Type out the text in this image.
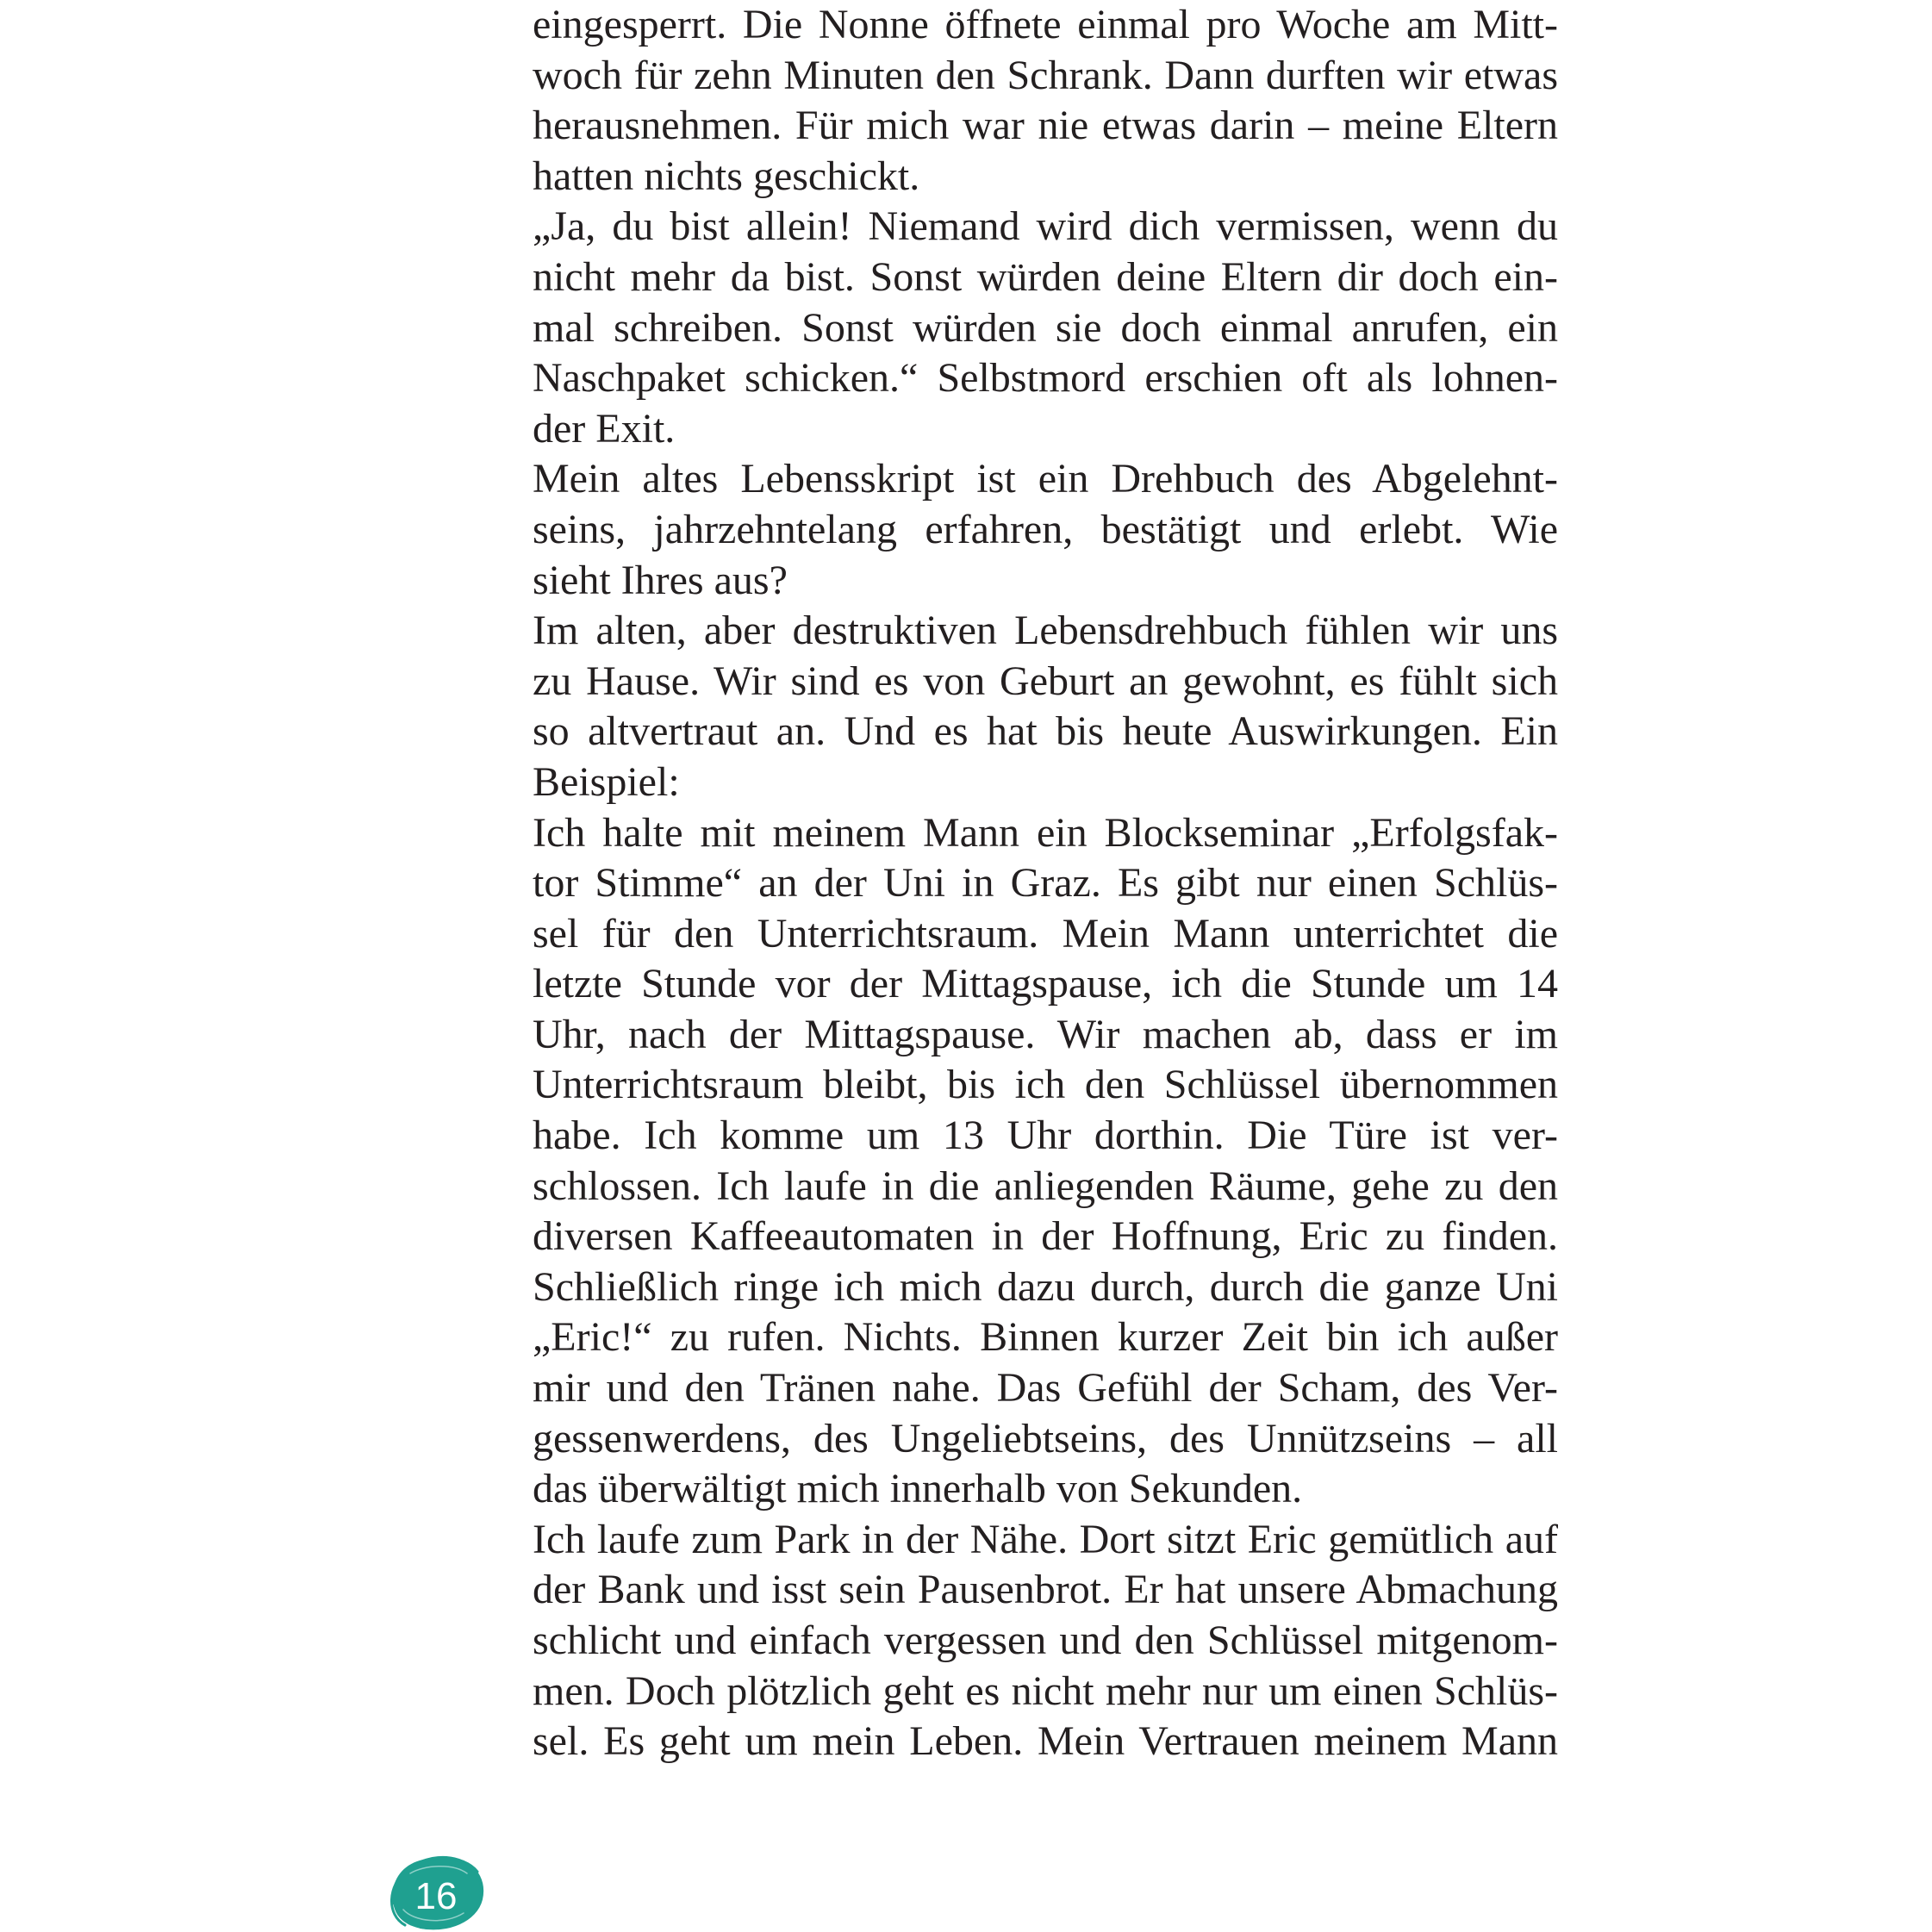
eingesperrt. Die Nonne öffnete einmal pro Woche am Mitt-
woch für zehn Minuten den Schrank. Dann durften wir etwas
herausnehmen. Für mich war nie etwas darin – meine Eltern
hatten nichts geschickt.
„Ja, du bist allein! Niemand wird dich vermissen, wenn du
nicht mehr da bist. Sonst würden deine Eltern dir doch ein-
mal schreiben. Sonst würden sie doch einmal anrufen, ein
Naschpaket schicken.“ Selbstmord erschien oft als lohnen-
der Exit.
Mein altes Lebensskript ist ein Drehbuch des Abgelehnt-
seins, jahrzehntelang erfahren, bestätigt und erlebt. Wie
sieht Ihres aus?
Im alten, aber destruktiven Lebensdrehbuch fühlen wir uns
zu Hause. Wir sind es von Geburt an gewohnt, es fühlt sich
so altvertraut an. Und es hat bis heute Auswirkungen. Ein
Beispiel:
Ich halte mit meinem Mann ein Blockseminar „Erfolgsfak-
tor Stimme“ an der Uni in Graz. Es gibt nur einen Schlüs-
sel für den Unterrichtsraum. Mein Mann unterrichtet die
letzte Stunde vor der Mittagspause, ich die Stunde um 14
Uhr, nach der Mittagspause. Wir machen ab, dass er im
Unterrichtsraum bleibt, bis ich den Schlüssel übernommen
habe. Ich komme um 13 Uhr dorthin. Die Türe ist ver-
schlossen. Ich laufe in die anliegenden Räume, gehe zu den
diversen Kaffeeautomaten in der Hoffnung, Eric zu finden.
Schließlich ringe ich mich dazu durch, durch die ganze Uni
„Eric!“ zu rufen. Nichts. Binnen kurzer Zeit bin ich außer
mir und den Tränen nahe. Das Gefühl der Scham, des Ver-
gessenwerdens, des Ungeliebtseins, des Unnützseins – all
das überwältigt mich innerhalb von Sekunden.
Ich laufe zum Park in der Nähe. Dort sitzt Eric gemütlich auf
der Bank und isst sein Pausenbrot. Er hat unsere Abmachung
schlicht und einfach vergessen und den Schlüssel mitgenom-
men. Doch plötzlich geht es nicht mehr nur um einen Schlüs-
sel. Es geht um mein Leben. Mein Vertrauen meinem Mann
16
